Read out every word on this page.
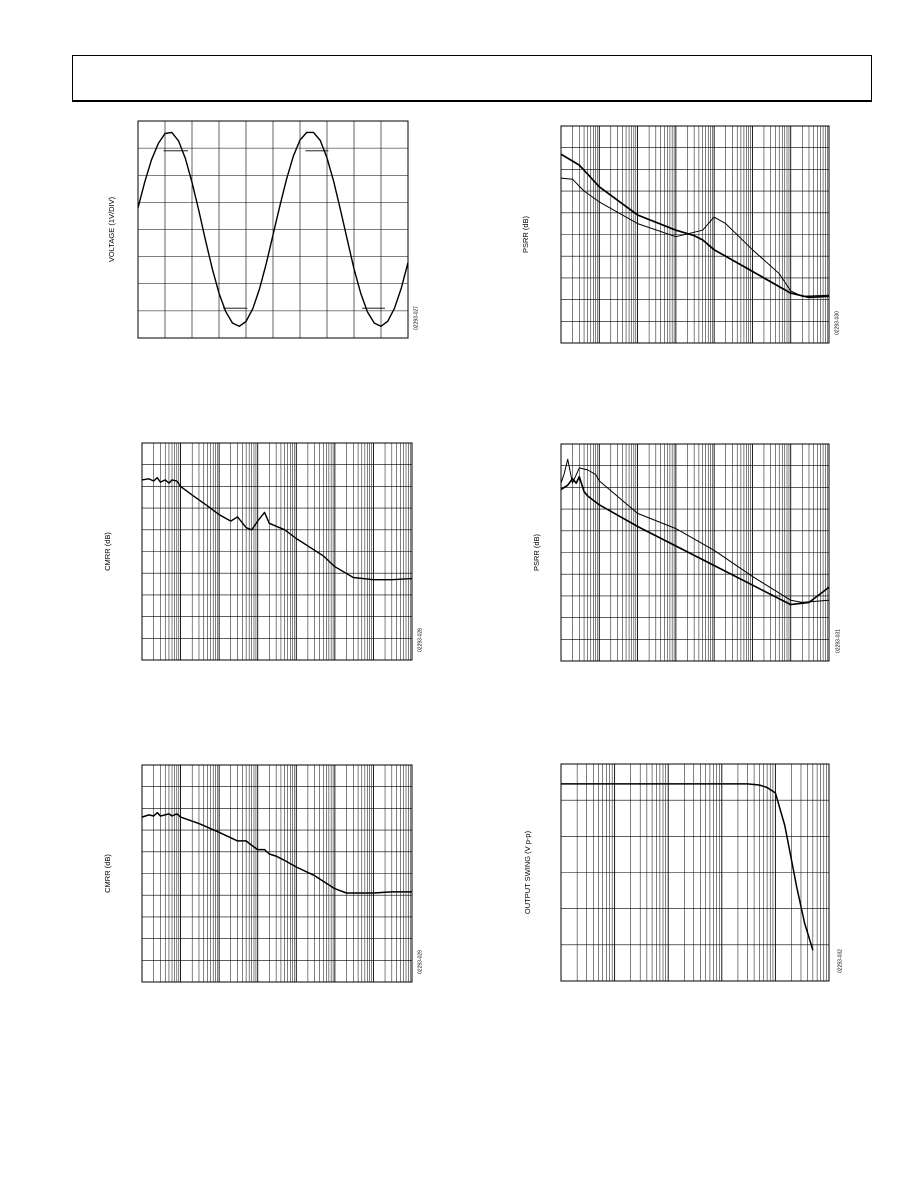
VOLTAGE (1V/DIV)
02293-027
PSRR (dB)
02293-030
CMRR (dB)
02293-028
PSRR (dB)
02293-031
CMRR (dB)
02293-029
OUTPUT SWING (V p-p)
02293-032
